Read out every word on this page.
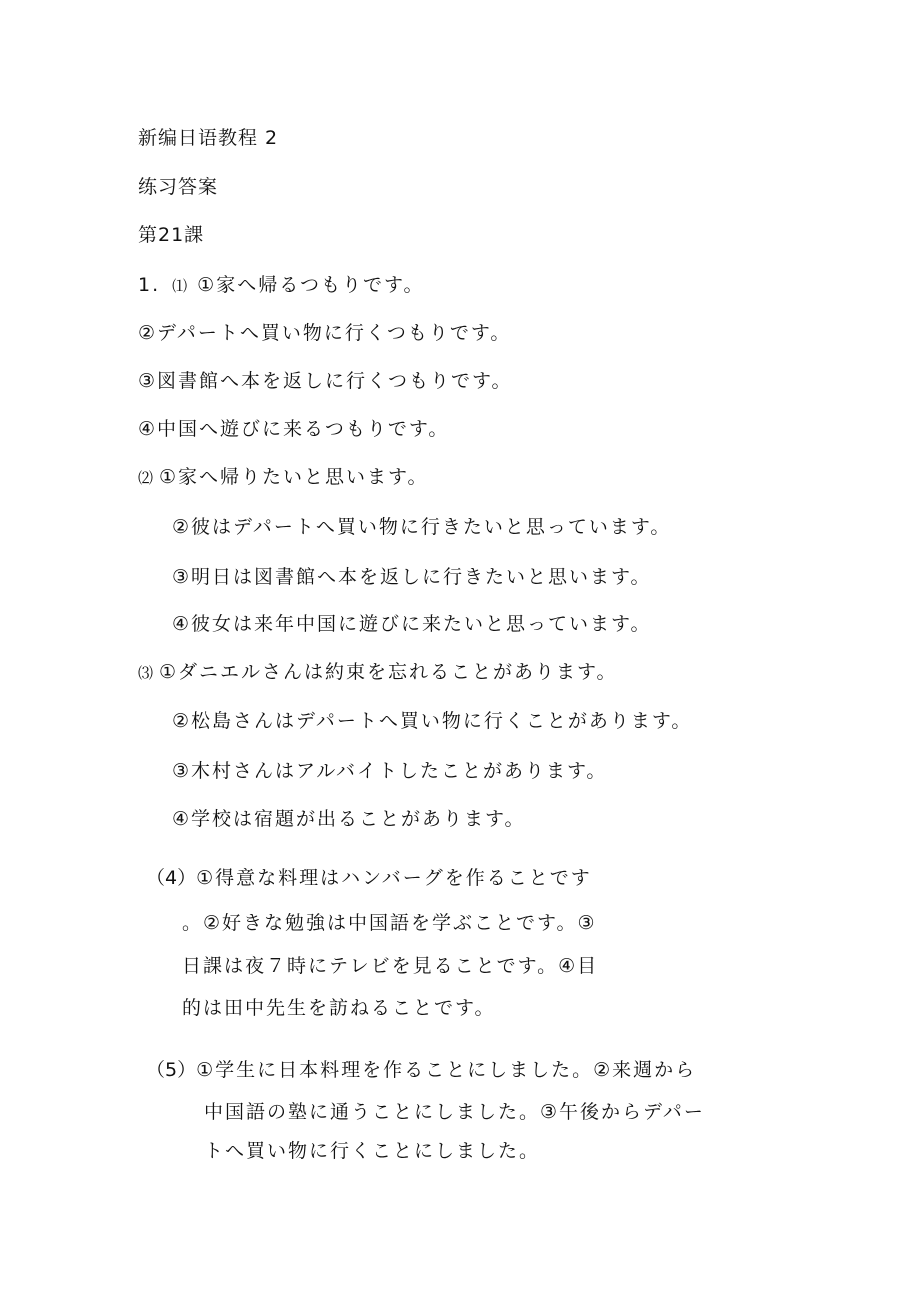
新编日语教程 2
练习答案
第21課
1. ⑴ ①家へ帰るつもりです。
②デパートへ買い物に行くつもりです。
③図書館へ本を返しに行くつもりです。
④中国へ遊びに来るつもりです。
⑵ ①家へ帰りたいと思います。
②彼はデパートへ買い物に行きたいと思っています。
③明日は図書館へ本を返しに行きたいと思います。
④彼女は来年中国に遊びに来たいと思っています。
⑶ ①ダニエルさんは約束を忘れることがあります。
②松島さんはデパートへ買い物に行くことがあります。
③木村さんはアルバイトしたことがあります。
④学校は宿題が出ることがあります。
（4）①得意な料理はハンバーグを作ることです
。②好きな勉強は中国語を学ぶことです。③
日課は夜７時にテレビを見ることです。④目
的は田中先生を訪ねることです。
（5）①学生に日本料理を作ることにしました。②来週から
中国語の塾に通うことにしました。③午後からデパー
トへ買い物に行くことにしました。
